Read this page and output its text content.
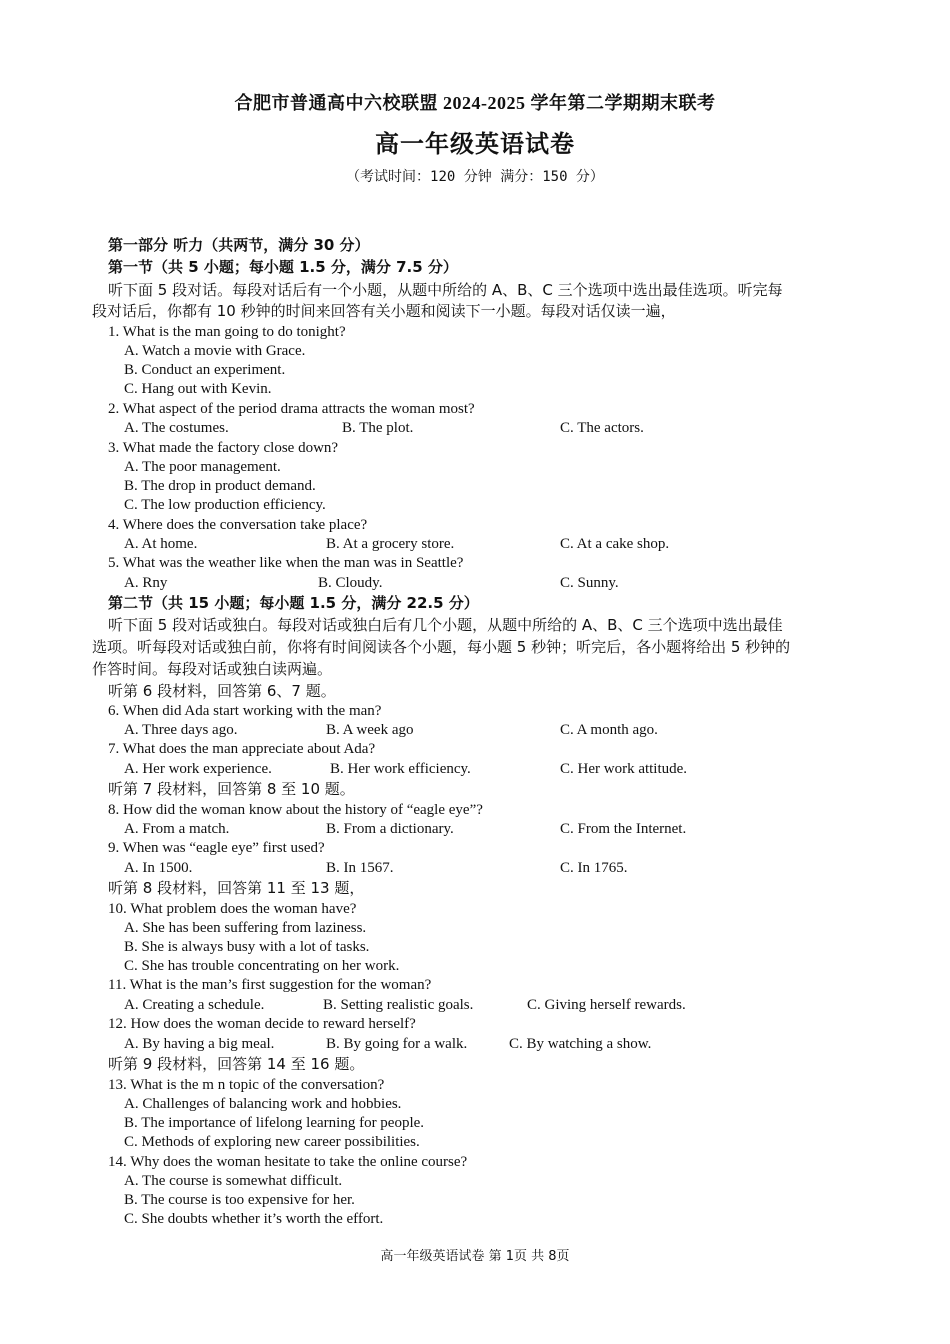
合肥市普通高中六校联盟 2024-2025 学年第二学期期末联考
高一年级英语试卷
（考试时间：120 分钟 满分：150 分）
第一部分 听力（共两节，满分 30 分）
第一节（共 5 小题；每小题 1.5 分，满分 7.5 分）
听下面 5 段对话。每段对话后有一个小题，从题中所给的 A、B、C 三个选项中选出最佳选项。听完每
段对话后，你都有 10 秒钟的时间来回答有关小题和阅读下一小题。每段对话仅读一遍，
1. What is the man going to do tonight?
A. Watch a movie with Grace.
B. Conduct an experiment.
C. Hang out with Kevin.
2. What aspect of the period drama attracts the woman most?
A. The costumes.	B. The plot.	C. The actors.
3. What made the factory close down?
A. The poor management.
B. The drop in product demand.
C. The low production efficiency.
4. Where does the conversation take place?
A. At home.	B. At a grocery store.	C. At a cake shop.
5. What was the weather like when the man was in Seattle?
A. Rny	B. Cloudy.	C. Sunny.
第二节（共 15 小题；每小题 1.5 分，满分 22.5 分）
听下面 5 段对话或独白。每段对话或独白后有几个小题，从题中所给的 A、B、C 三个选项中选出最佳
选项。听每段对话或独白前，你将有时间阅读各个小题，每小题 5 秒钟；听完后，各小题将给出 5 秒钟的
作答时间。每段对话或独白读两遍。
听第 6 段材料，回答第 6、7 题。
6. When did Ada start working with the man?
A. Three days ago.	B. A week ago	C. A month ago.
7. What does the man appreciate about Ada?
A. Her work experience.	B. Her work efficiency.	C. Her work attitude.
听第 7 段材料，回答第 8 至 10 题。
8. How did the woman know about the history of “eagle eye”?
A. From a match.	B. From a dictionary.	C. From the Internet.
9. When was “eagle eye” first used?
A. In 1500.	B. In 1567.	C. In 1765.
听第 8 段材料，回答第 11 至 13 题，
10. What problem does the woman have?
A. She has been suffering from laziness.
B. She is always busy with a lot of tasks.
C. She has trouble concentrating on her work.
11. What is the man’s first suggestion for the woman?
A. Creating a schedule.	B. Setting realistic goals.	C. Giving herself rewards.
12. How does the woman decide to reward herself?
A. By having a big meal.	B. By going for a walk.	C. By watching a show.
听第 9 段材料，回答第 14 至 16 题。
13. What is the m n topic of the conversation?
A. Challenges of balancing work and hobbies.
B. The importance of lifelong learning for people.
C. Methods of exploring new career possibilities.
14. Why does the woman hesitate to take the online course?
A. The course is somewhat difficult.
B. The course is too expensive for her.
C. She doubts whether it’s worth the effort.
高一年级英语试卷 第 1页 共 8页
